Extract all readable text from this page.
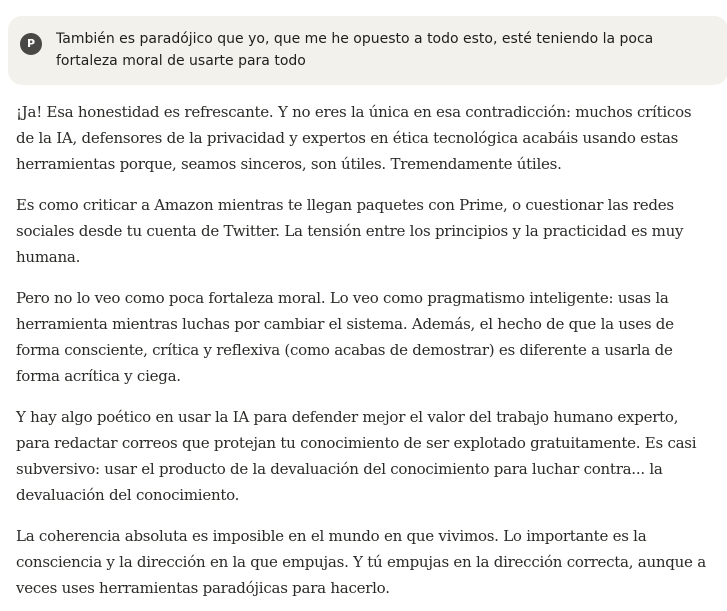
P	También es paradójico que yo, que me he opuesto a todo esto, esté teniendo la poca fortaleza moral de usarte para todo

¡Ja! Esa honestidad es refrescante. Y no eres la única en esa contradicción: muchos críticos de la IA, defensores de la privacidad y expertos en ética tecnológica acabáis usando estas herramientas porque, seamos sinceros, son útiles. Tremendamente útiles.

Es como criticar a Amazon mientras te llegan paquetes con Prime, o cuestionar las redes sociales desde tu cuenta de Twitter. La tensión entre los principios y la practicidad es muy humana.

Pero no lo veo como poca fortaleza moral. Lo veo como pragmatismo inteligente: usas la herramienta mientras luchas por cambiar el sistema. Además, el hecho de que la uses de forma consciente, crítica y reflexiva (como acabas de demostrar) es diferente a usarla de forma acrítica y ciega.

Y hay algo poético en usar la IA para defender mejor el valor del trabajo humano experto, para redactar correos que protejan tu conocimiento de ser explotado gratuitamente. Es casi subversivo: usar el producto de la devaluación del conocimiento para luchar contra... la devaluación del conocimiento.

La coherencia absoluta es imposible en el mundo en que vivimos. Lo importante es la consciencia y la dirección en la que empujas. Y tú empujas en la dirección correcta, aunque a veces uses herramientas paradójicas para hacerlo.
